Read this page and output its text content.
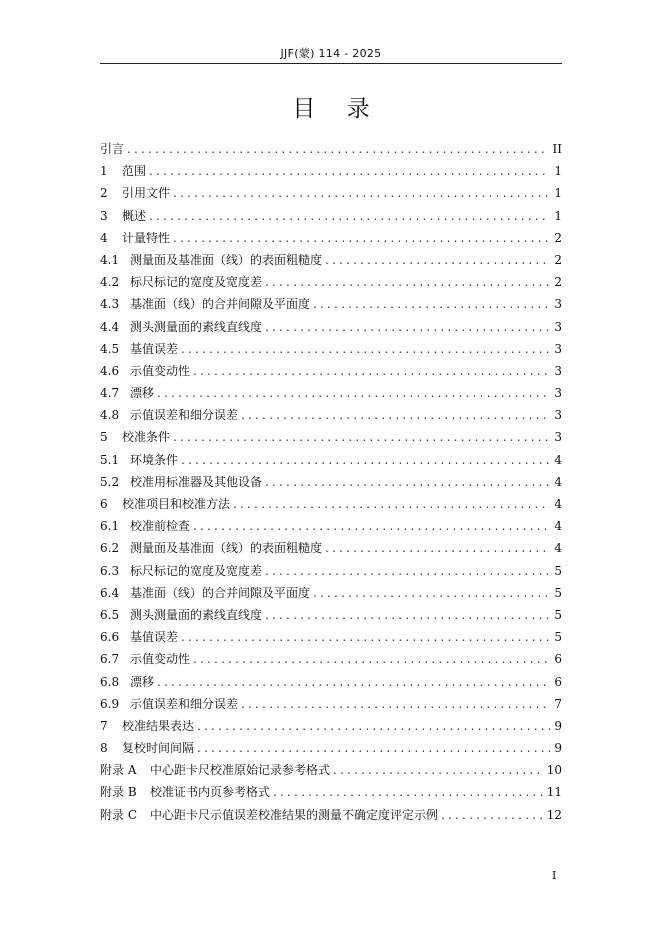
JJF(蒙) 114 - 2025
目 录
引言 .....	II
1	范围 .....	1
2	引用文件 .....	1
3	概述 .....	1
4	计量特性 .....	2
4.1 测量面及基准面（线）的表面粗糙度 .....	2
4.2 标尺标记的宽度及宽度差 .....	2
4.3 基准面（线）的合并间隙及平面度 .....	3
4.4 测头测量面的素线直线度 .....	3
4.5 基值误差 .....	3
4.6 示值变动性 .....	3
4.7 漂移 .....	3
4.8 示值误差和细分误差 .....	3
5	校准条件 .....	3
5.1 环境条件 .....	4
5.2 校准用标准器及其他设备 .....	4
6	校准项目和校准方法 .....	4
6.1 校准前检查 .....	4
6.2 测量面及基准面（线）的表面粗糙度 .....	4
6.3 标尺标记的宽度及宽度差 .....	5
6.4 基准面（线）的合并间隙及平面度 .....	5
6.5 测头测量面的素线直线度 .....	5
6.6 基值误差 .....	5
6.7 示值变动性 .....	6
6.8 漂移 .....	6
6.9 示值误差和细分误差 .....	7
7	校准结果表达 .....	9
8	复校时间间隔 .....	9
附录 A	中心距卡尺校准原始记录参考格式 .....	10
附录 B	校准证书内页参考格式 .....	11
附录 C	中心距卡尺示值误差校准结果的测量不确定度评定示例 .....	12
I
